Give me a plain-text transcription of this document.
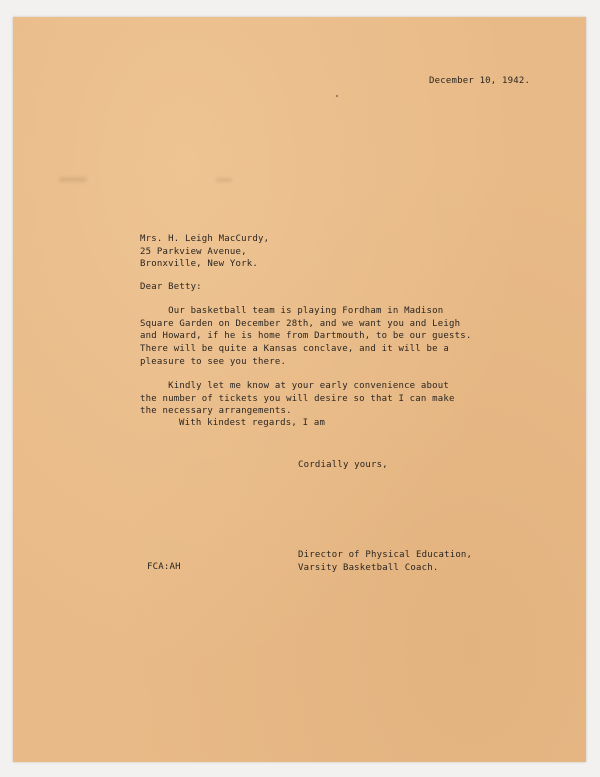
December 10, 1942.
Mrs. H. Leigh MacCurdy,
25 Parkview Avenue,
Bronxville, New York.
Dear Betty:
Our basketball team is playing Fordham in Madison
Square Garden on December 28th, and we want you and Leigh
and Howard, if he is home from Dartmouth, to be our guests.
There will be quite a Kansas conclave, and it will be a
pleasure to see you there.
Kindly let me know at your early convenience about
the number of tickets you will desire so that I can make
the necessary arrangements.
With kindest regards, I am
Cordially yours,
FCA:AH
Director of Physical Education,
Varsity Basketball Coach.
